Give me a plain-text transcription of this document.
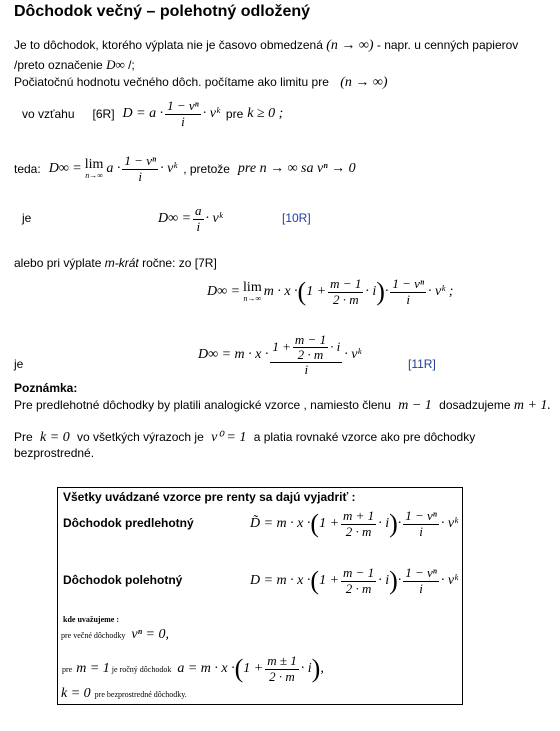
Dôchodok večný – polehotný odložený
Je to dôchodok, ktorého výplata nie je časovo obmedzená (n → ∞) - napr. u cenných papierov
/preto označenie D∞ /;
Počiatočnú hodnotu večného dôch. počítame ako limitu pre (n → ∞)
vo vzťahu [6R] $D = a \cdot \frac{\text{1 − vⁿ}}{i}$ · vᵏ pre k ≥ 0 ;
teda: D∞ = lim
n→∞ $a \cdot \frac{\text{1 − vⁿ}}{i}$ · vᵏ , pretože pre n → ∞ sa vⁿ → 0
je	$D\infty = \frac{a}{i}$ · vᵏ	[10R]
alebo pri výplate m-krát ročne: zo [7R]
D∞ = lim
n→∞ m · x · ( $1 + \frac{m - 1}{2 \cdot m} \cdot i$ ) · $\frac{\text{1 − vⁿ}}{i}$ · vᵏ ;
je
$D\infty = m \cdot x \cdot \frac{1 + \frac{m - 1}{2 \cdot m} \cdot i}{i}$ · vᵏ
[11R]
Poznámka:
Pre predlehotné dôchodky by platili analogické vzorce , namiesto členu m − 1 dosadzujeme m + 1.
Pre k = 0 vo všetkých výrazoch je v⁰ = 1 a platia rovnaké vzorce ako pre dôchodky
bezprostredné.
Všetky uvádzané vzorce pre renty sa dajú vyjadriť :
Dôchodok predlehotný	D̃ = m · x · ( $1 + \frac{m + 1}{2 \cdot m} \cdot i$ ) · $\frac{\text{1 − vⁿ}}{i}$ · vᵏ
Dôchodok polehotný	D = m · x · ( $1 + \frac{m - 1}{2 \cdot m} \cdot i$ ) · $\frac{\text{1 − vⁿ}}{i}$ · vᵏ
kde uvažujeme :
pre večné dôchodky vⁿ = 0,
pre m = 1 je ročný dôchodok a = m · x · ( $1 + \frac{m \pm 1}{2 \cdot m} \cdot i$ ) ,
k = 0 pre bezprostredné dôchodky.
